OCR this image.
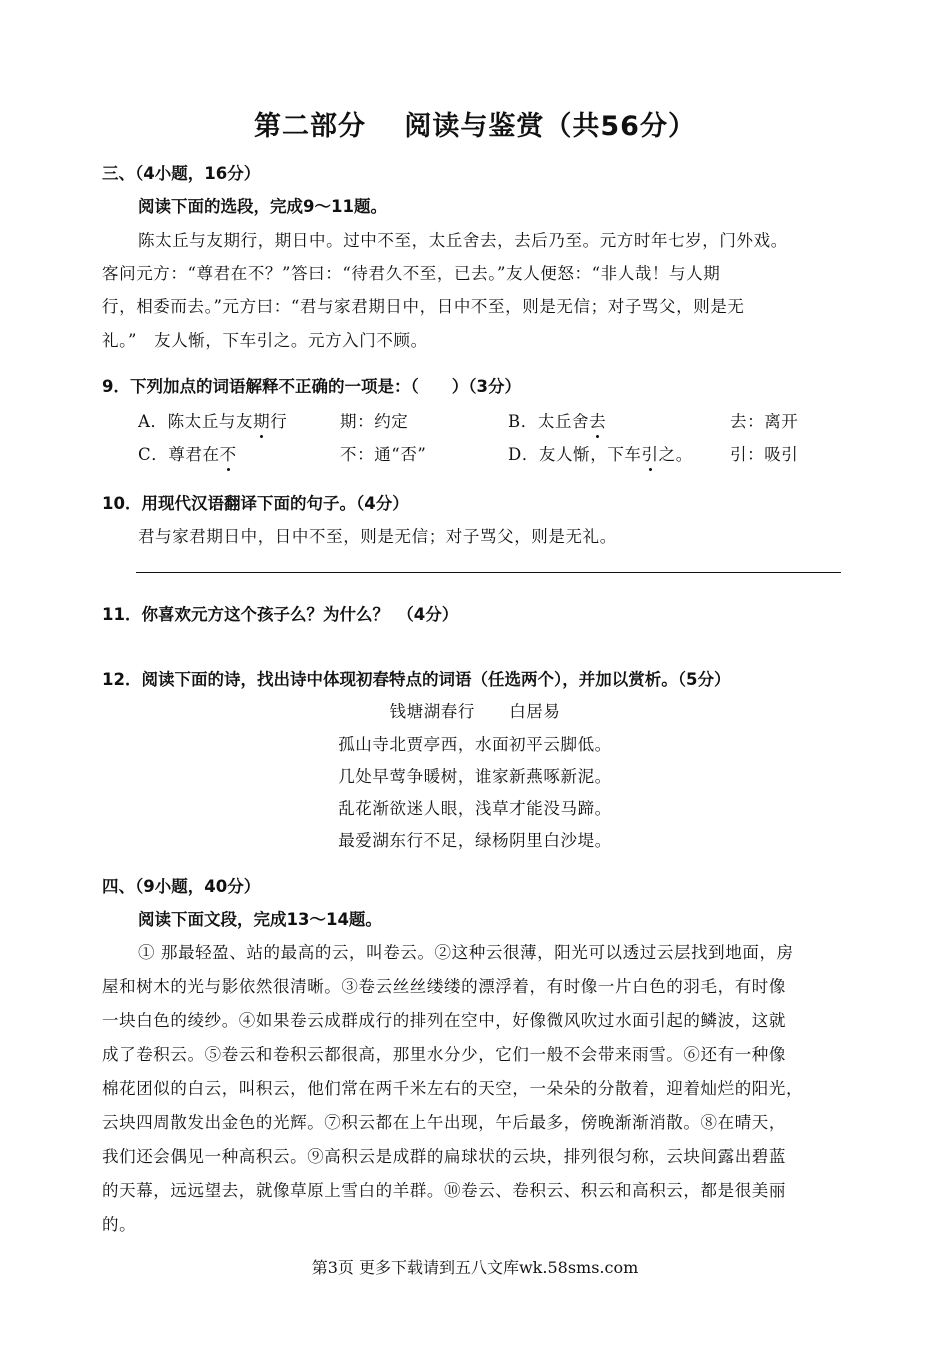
第二部分　 阅读与鉴赏（共56分）
三、（4小题，16分）
阅读下面的选段，完成9～11题。
陈太丘与友期行，期日中。过中不至，太丘舍去，去后乃至。元方时年七岁，门外戏。
客问元方：“尊君在不？”答曰：“待君久不至，已去。”友人便怒：“非人哉！与人期
行，相委而去。”元方曰：“君与家君期日中，日中不至，则是无信；对子骂父，则是无
礼。”　友人惭，下车引之。元方入门不顾。
9．下列加点的词语解释不正确的一项是：（　　）（3分）
A．陈太丘与友期行	期：约定	B．太丘舍去	去：离开
C．尊君在不	不：通“否”	D．友人惭，下车引之。 引：吸引
10．用现代汉语翻译下面的句子。（4分）
君与家君期日中，日中不至，则是无信；对子骂父，则是无礼。
11．你喜欢元方这个孩子么？为什么？　（4分）
12．阅读下面的诗，找出诗中体现初春特点的词语（任选两个），并加以赏析。（5分）
钱塘湖春行　　白居易
孤山寺北贾亭西，水面初平云脚低。
几处早莺争暖树，谁家新燕啄新泥。
乱花渐欲迷人眼，浅草才能没马蹄。
最爱湖东行不足，绿杨阴里白沙堤。
四、（9小题，40分）
阅读下面文段，完成13～14题。
① 那最轻盈、站的最高的云，叫卷云。②这种云很薄，阳光可以透过云层找到地面，房
屋和树木的光与影依然很清晰。③卷云丝丝缕缕的漂浮着，有时像一片白色的羽毛，有时像
一块白色的绫纱。④如果卷云成群成行的排列在空中，好像微风吹过水面引起的鳞波，这就
成了卷积云。⑤卷云和卷积云都很高，那里水分少，它们一般不会带来雨雪。⑥还有一种像
棉花团似的白云，叫积云，他们常在两千米左右的天空，一朵朵的分散着，迎着灿烂的阳光，
云块四周散发出金色的光辉。⑦积云都在上午出现，午后最多，傍晚渐渐消散。⑧在晴天，
我们还会偶见一种高积云。⑨高积云是成群的扁球状的云块，排列很匀称，云块间露出碧蓝
的天幕，远远望去，就像草原上雪白的羊群。⑩卷云、卷积云、积云和高积云，都是很美丽
的。
第3页 更多下载请到五八文库wk.58sms.com
